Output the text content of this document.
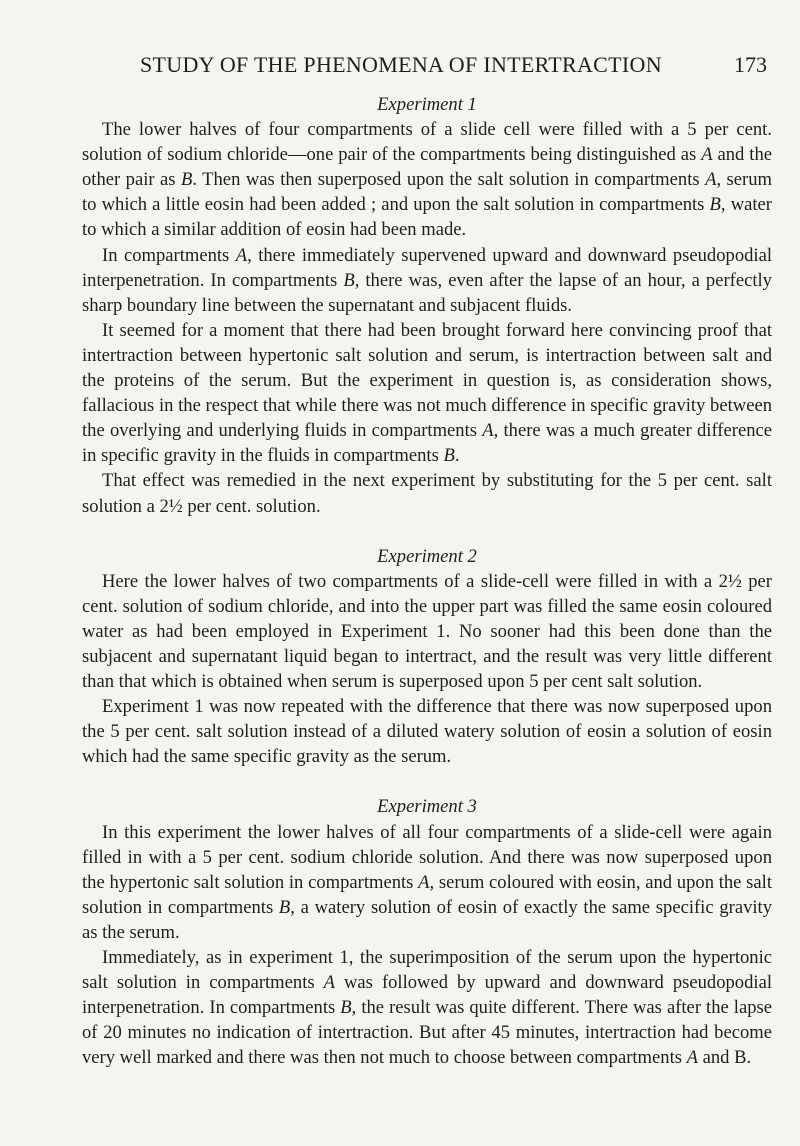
STUDY OF THE PHENOMENA OF INTERTRACTION	173
Experiment 1

The lower halves of four compartments of a slide cell were filled with a 5 per cent. solution of sodium chloride—one pair of the compartments being distinguished as A and the other pair as B. Then was then superposed upon the salt solution in compartments A, serum to which a little eosin had been added ; and upon the salt solution in compartments B, water to which a similar addition of eosin had been made.

In compartments A, there immediately supervened upward and downward pseudopodial interpenetration. In compartments B, there was, even after the lapse of an hour, a perfectly sharp boundary line between the supernatant and subjacent fluids.

It seemed for a moment that there had been brought forward here convincing proof that intertraction between hypertonic salt solution and serum, is intertraction between salt and the proteins of the serum. But the experiment in question is, as consideration shows, fallacious in the respect that while there was not much difference in specific gravity between the overlying and underlying fluids in compartments A, there was a much greater difference in specific gravity in the fluids in compartments B.

That effect was remedied in the next experiment by substituting for the 5 per cent. salt solution a 2½ per cent. solution.

Experiment 2

Here the lower halves of two compartments of a slide-cell were filled in with a 2½ per cent. solution of sodium chloride, and into the upper part was filled the same eosin coloured water as had been employed in Experiment 1. No sooner had this been done than the subjacent and supernatant liquid began to intertract, and the result was very little different than that which is obtained when serum is superposed upon 5 per cent salt solution.

Experiment 1 was now repeated with the difference that there was now superposed upon the 5 per cent. salt solution instead of a diluted watery solution of eosin a solution of eosin which had the same specific gravity as the serum.

Experiment 3

In this experiment the lower halves of all four compartments of a slide-cell were again filled in with a 5 per cent. sodium chloride solution. And there was now superposed upon the hypertonic salt solution in compartments A, serum coloured with eosin, and upon the salt solution in compartments B, a watery solution of eosin of exactly the same specific gravity as the serum.

Immediately, as in experiment 1, the superimposition of the serum upon the hypertonic salt solution in compartments A was followed by upward and downward pseudopodial interpenetration. In compartments B, the result was quite different. There was after the lapse of 20 minutes no indication of intertraction. But after 45 minutes, intertraction had become very well marked and there was then not much to choose between compartments A and B.
